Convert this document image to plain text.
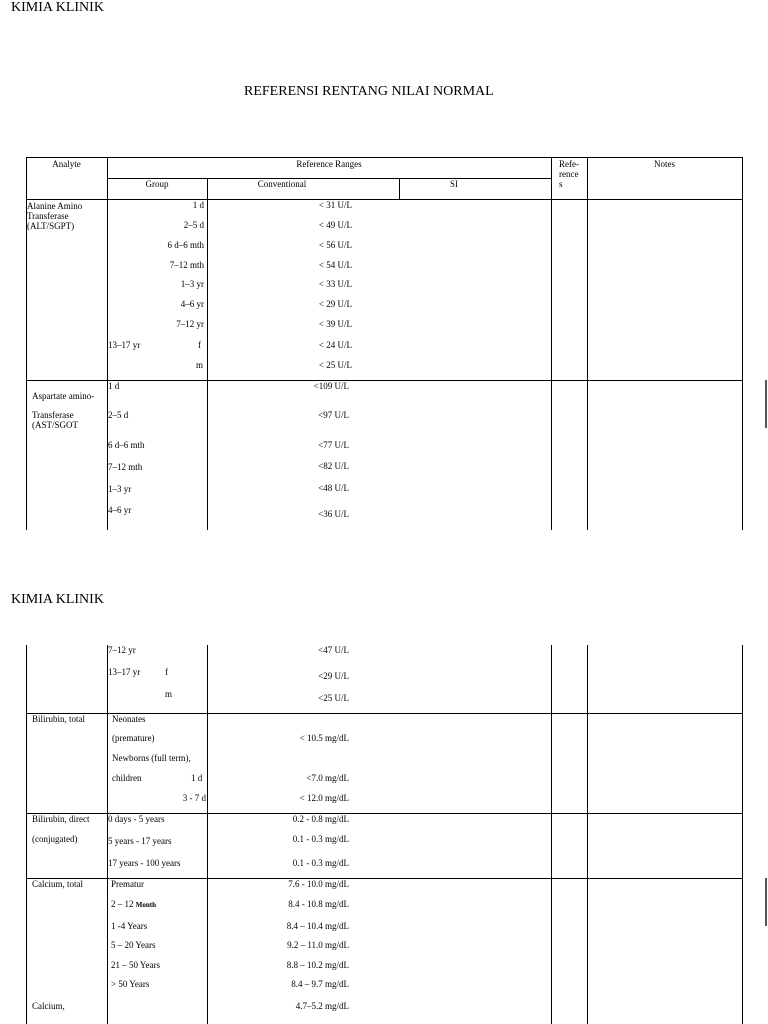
KIMIA KLINIK
REFERENSI RENTANG NILAI NORMAL
Analyte	Reference Ranges
Group	Conventional	SI
Refe-
rence
s
Notes
Alanine Amino
Transferase
(ALT/SGPT)
1 d	< 31 U/L
2–5 d	< 49 U/L
6 d–6 mth	< 56 U/L
7–12 mth	< 54 U/L
1–3 yr	< 33 U/L
4–6 yr	< 29 U/L
7–12 yr	< 39 U/L
13–17 yr	f	< 24 U/L
m	< 25 U/L
Aspartate amino-
Transferase
(AST/SGOT
1 d	<109 U/L
2–5 d	<97 U/L
6 d–6 mth	<77 U/L
7–12 mth	<82 U/L
1–3 yr	<48 U/L
4–6 yr	<36 U/L
KIMIA KLINIK
7–12 yr	<47 U/L
13–17 yr	f	<29 U/L
m	<25 U/L
Bilirubin, total	Neonates
(premature)	< 10.5 mg/dL
Newborns (full term),
children	1 d	<7.0 mg/dL
3 - 7 d	< 12.0 mg/dL
Bilirubin, direct
(conjugated)
0 days - 5 years	0.2 - 0.8 mg/dL
5 years - 17 years	0.1 - 0.3 mg/dL
17 years - 100 years	0.1 - 0.3 mg/dL
Calcium, total	Prematur	7.6 - 10.0 mg/dL
2 – 12 Month	8.4 - 10.8 mg/dL
1 -4 Years	8.4 – 10.4 mg/dL
5 – 20 Years	9.2 – 11.0 mg/dL
21 – 50 Years	8.8 – 10.2 mg/dL
> 50 Years	8.4 – 9.7 mg/dL
Calcium,	4.7–5.2 mg/dL
